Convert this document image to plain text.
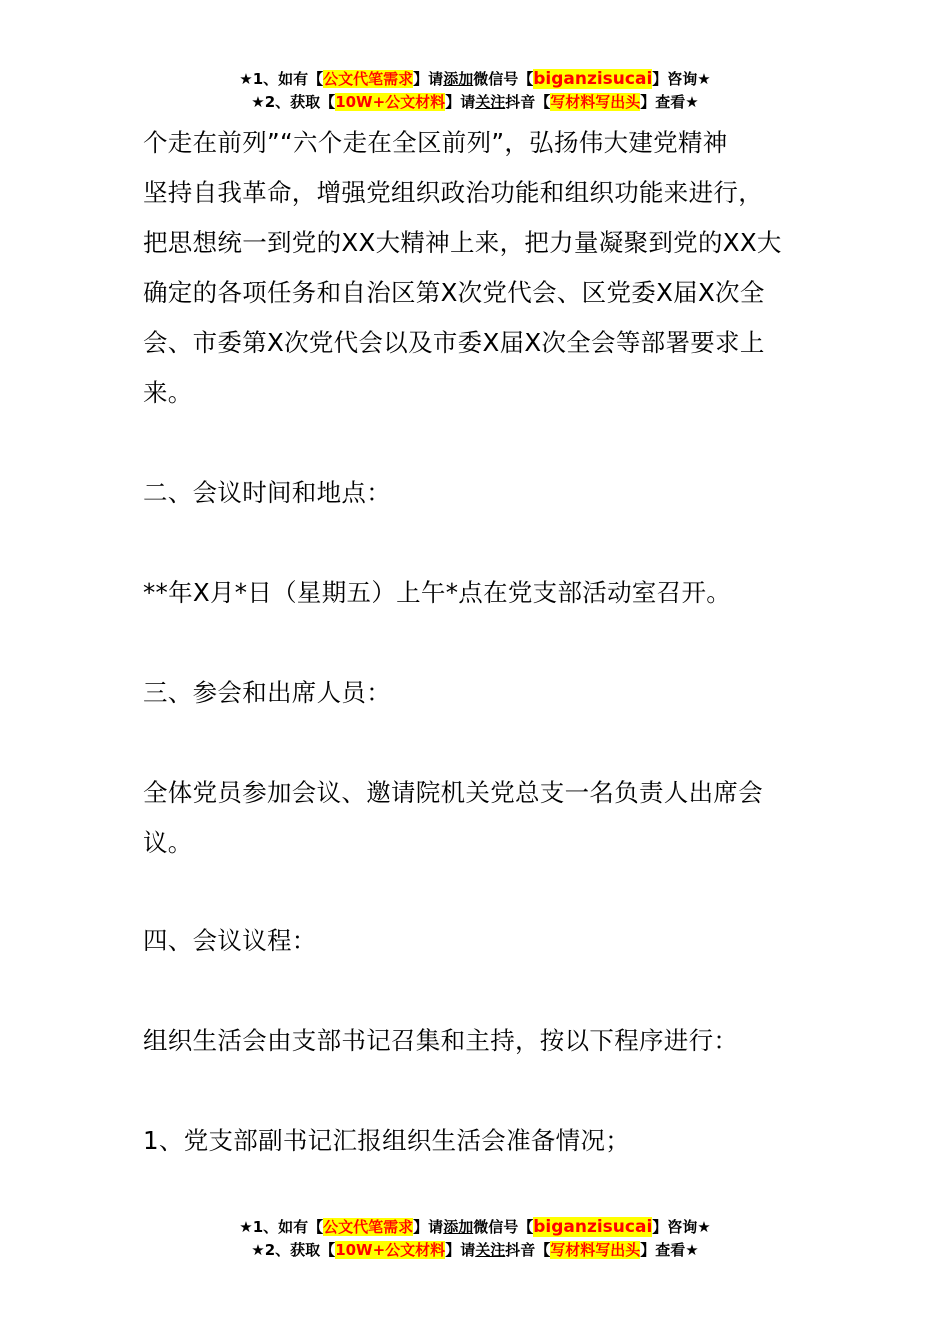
★1、如有【公文代笔需求】请添加微信号【biganzisucai】咨询★
★2、获取【10W+公文材料】请关注抖音【写材料写出头】查看★

个走在前列”“六个走在全区前列”，弘扬伟大建党精神

坚持自我革命，增强党组织政治功能和组织功能来进行，

把思想统一到党的XX大精神上来，把力量凝聚到党的XX大

确定的各项任务和自治区第X次党代会、区党委X届X次全

会、市委第X次党代会以及市委X届X次全会等部署要求上

来。

二、会议时间和地点：

**年X月*日（星期五）上午*点在党支部活动室召开。

三、参会和出席人员：

全体党员参加会议、邀请院机关党总支一名负责人出席会

议。

四、会议议程：

组织生活会由支部书记召集和主持，按以下程序进行：

1、党支部副书记汇报组织生活会准备情况；

★1、如有【公文代笔需求】请添加微信号【biganzisucai】咨询★
★2、获取【10W+公文材料】请关注抖音【写材料写出头】查看★
